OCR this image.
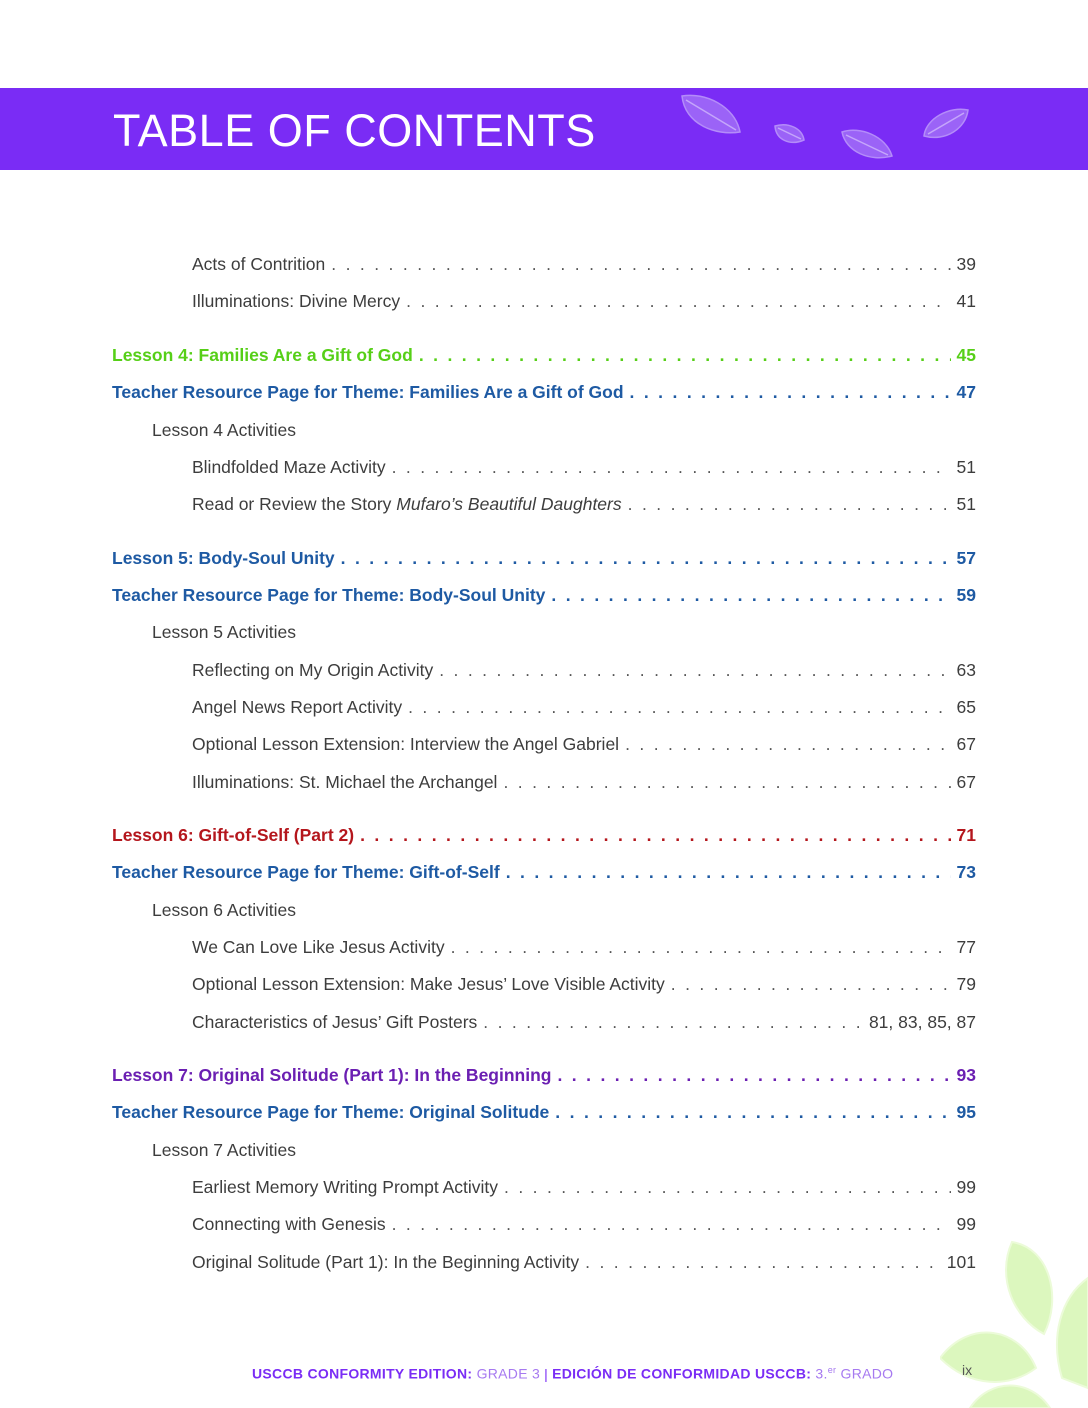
TABLE OF CONTENTS
Acts of Contrition . . .	39
Illuminations: Divine Mercy . . .	41
Lesson 4: Families Are a Gift of God . . .	45
Teacher Resource Page for Theme: Families Are a Gift of God . . .	47
Lesson 4 Activities
Blindfolded Maze Activity . . .	51
Read or Review the Story Mufaro’s Beautiful Daughters . . .	51
Lesson 5: Body-Soul Unity . . .	57
Teacher Resource Page for Theme: Body-Soul Unity . . .	59
Lesson 5 Activities
Reflecting on My Origin Activity . . .	63
Angel News Report Activity . . .	65
Optional Lesson Extension: Interview the Angel Gabriel . . .	67
Illuminations: St. Michael the Archangel . . .	67
Lesson 6: Gift-of-Self (Part 2) . . .	71
Teacher Resource Page for Theme: Gift-of-Self . . .	73
Lesson 6 Activities
We Can Love Like Jesus Activity . . .	77
Optional Lesson Extension: Make Jesus’ Love Visible Activity . . .	79
Characteristics of Jesus’ Gift Posters . . .	81, 83, 85, 87
Lesson 7: Original Solitude (Part 1): In the Beginning . . .	93
Teacher Resource Page for Theme: Original Solitude . . .	95
Lesson 7 Activities
Earliest Memory Writing Prompt Activity . . .	99
Connecting with Genesis . . .	99
Original Solitude (Part 1): In the Beginning Activity . . .	101
USCCB CONFORMITY EDITION: GRADE 3 | EDICIÓN DE CONFORMIDAD USCCB: 3.$^{er}$ GRADO	ix
